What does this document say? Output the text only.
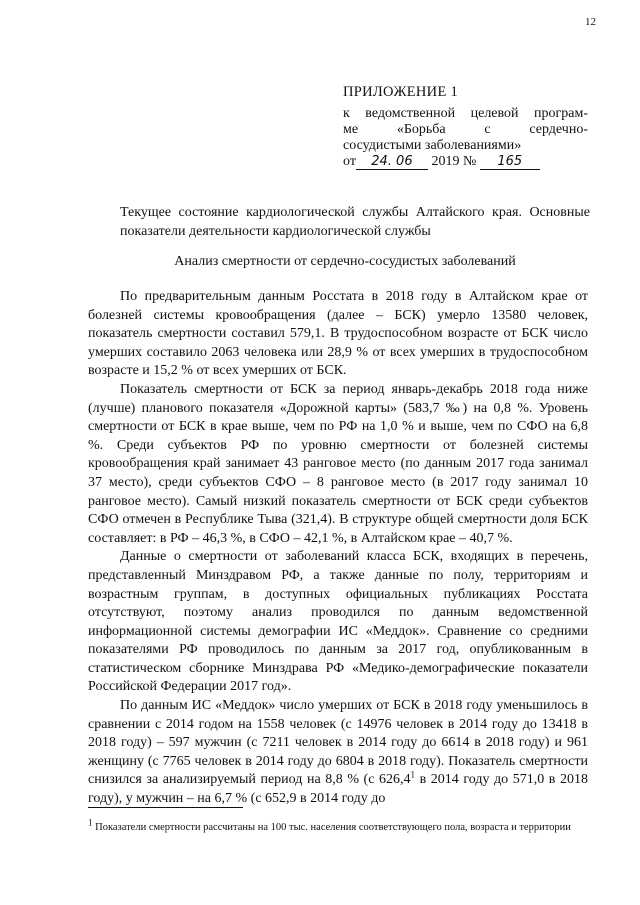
12
ПРИЛОЖЕНИЕ 1
к ведомственной целевой програм-
ме «Борьба с сердечно-
сосудистыми заболеваниями»
от 24. 06 2019 № 165
Текущее состояние кардиологической службы Алтайского края. Основные показатели деятельности кардиологической службы
Анализ смертности от сердечно-сосудистых заболеваний

По предварительным данным Росстата в 2018 году в Алтайском крае от болезней системы кровообращения (далее – БСК) умерло 13580 человек, показатель смертности составил 579,1. В трудоспособном возрасте от БСК число умерших составило 2063 человека или 28,9 % от всех умерших в трудоспособном возрасте и 15,2 % от всех умерших от БСК.

Показатель смертности от БСК за период январь-декабрь 2018 года ниже (лучше) планового показателя «Дорожной карты» (583,7 ‰) на 0,8 %. Уровень смертности от БСК в крае выше, чем по РФ на 1,0 % и выше, чем по СФО на 6,8 %. Среди субъектов РФ по уровню смертности от болезней системы кровообращения край занимает 43 ранговое место (по данным 2017 года занимал 37 место), среди субъектов СФО – 8 ранговое место (в 2017 году занимал 10 ранговое место). Самый низкий показатель смертности от БСК среди субъектов СФО отмечен в Республике Тыва (321,4). В структуре общей смертности доля БСК составляет: в РФ – 46,3 %, в СФО – 42,1 %, в Алтайском крае – 40,7 %.

Данные о смертности от заболеваний класса БСК, входящих в перечень, представленный Минздравом РФ, а также данные по полу, территориям и возрастным группам, в доступных официальных публикациях Росстата отсутствуют, поэтому анализ проводился по данным ведомственной информационной системы демографии ИС «Меддок». Сравнение со средними показателями РФ проводилось по данным за 2017 год, опубликованным в статистическом сборнике Минздрава РФ «Медико-демографические показатели Российской Федерации 2017 год».

По данным ИС «Меддок» число умерших от БСК в 2018 году уменьшилось в сравнении с 2014 годом на 1558 человек (с 14976 человек в 2014 году до 13418 в 2018 году) – 597 мужчин (с 7211 человек в 2014 году до 6614 в 2018 году) и 961 женщину (с 7765 человек в 2014 году до 6804 в 2018 году). Показатель смертности снизился за анализируемый период на 8,8 % (с 626,4$^1$ в 2014 году до 571,0 в 2018 году), у мужчин – на 6,7 % (с 652,9 в 2014 году до

$^1$ Показатели смертности рассчитаны на 100 тыс. населения соответствующего пола, возраста и территории
